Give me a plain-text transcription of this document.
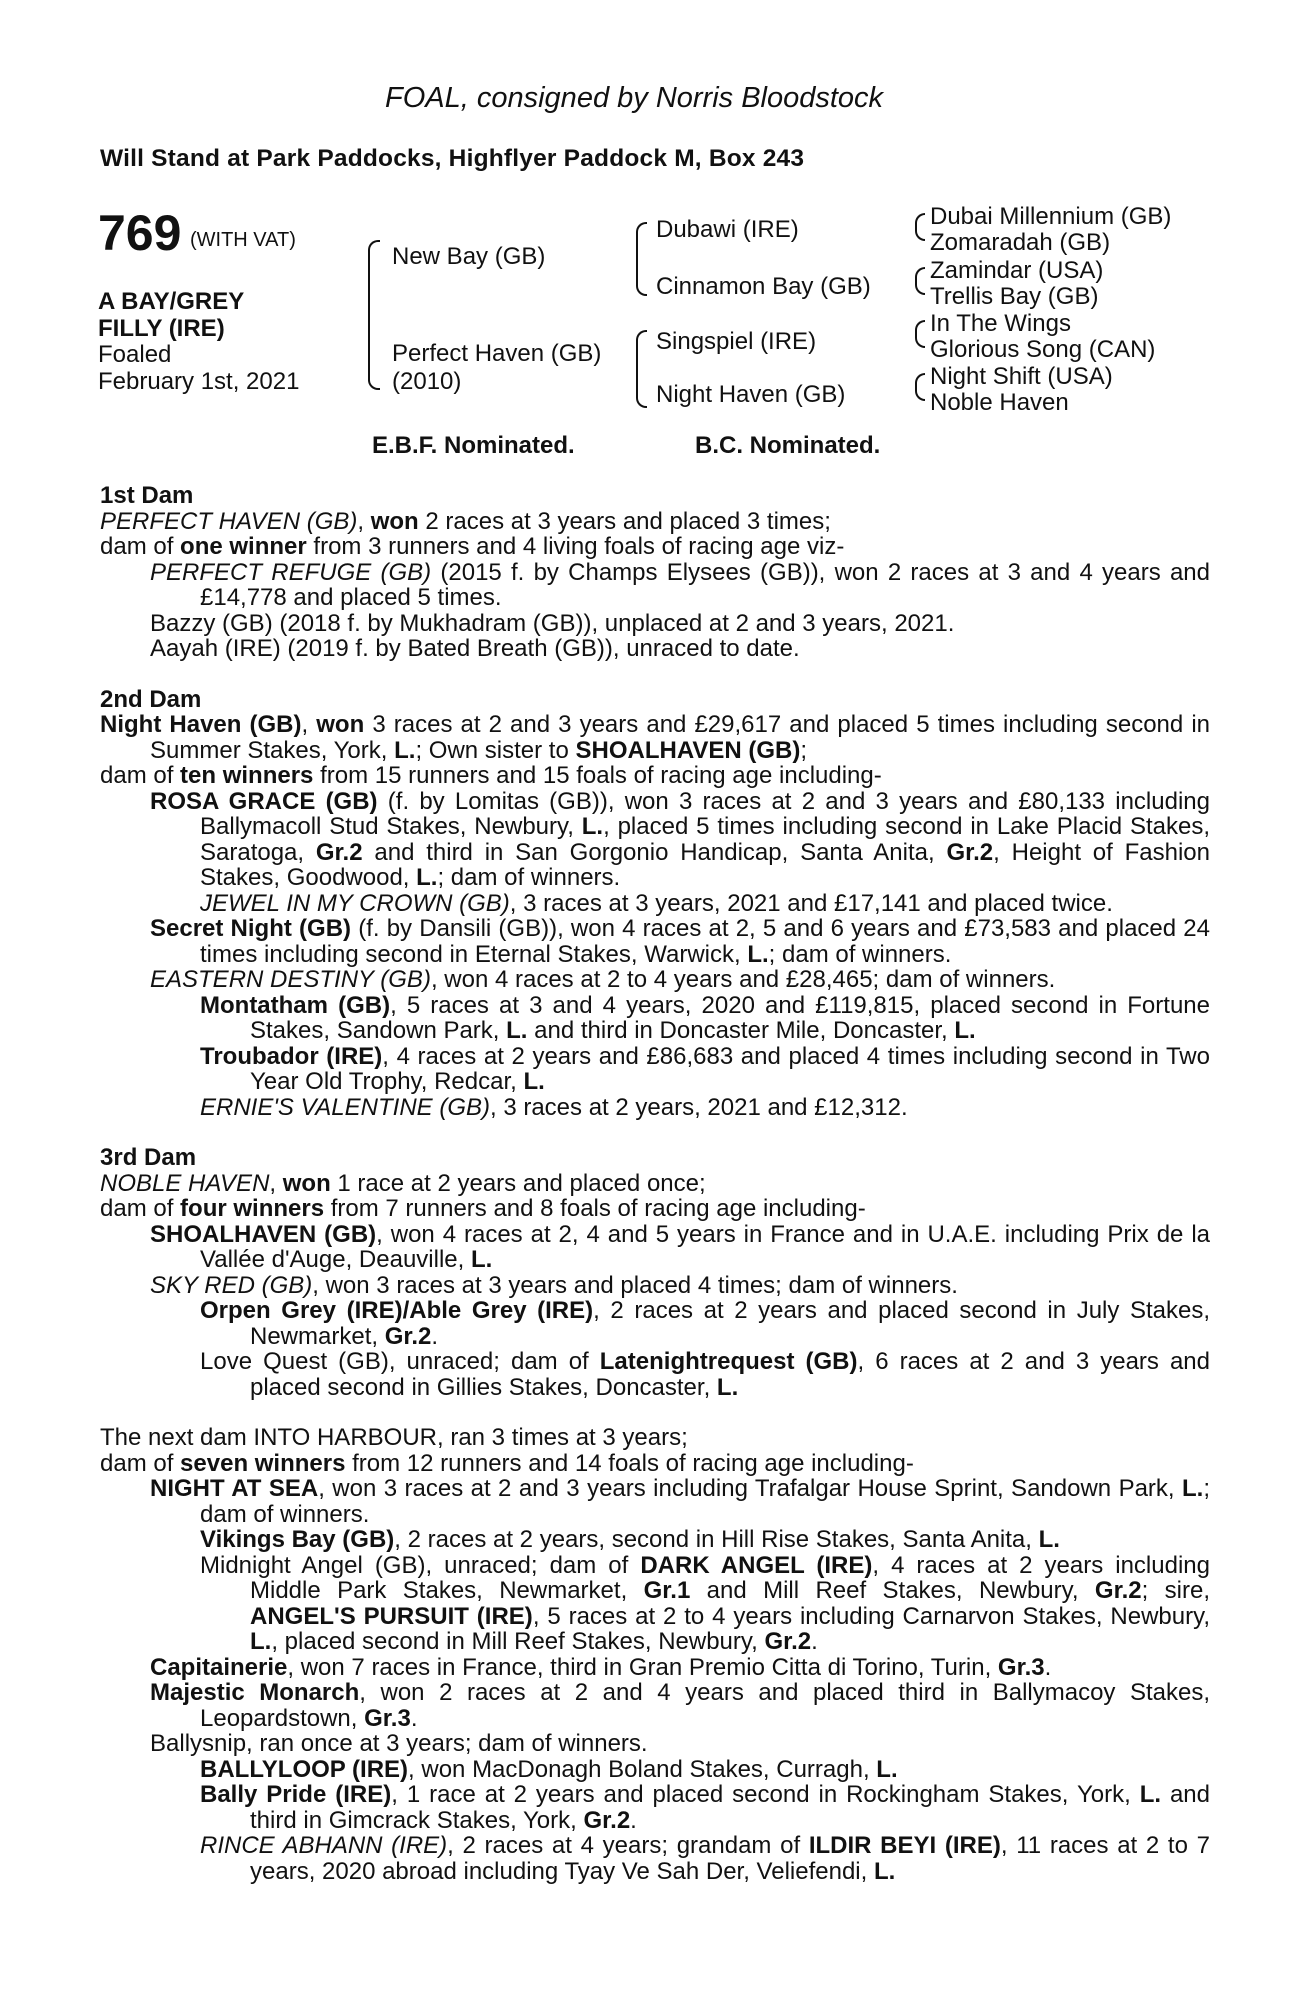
FOAL, consigned by Norris Bloodstock
Will Stand at Park Paddocks, Highflyer Paddock M, Box 243
769 (WITH VAT)
A BAY/GREY
FILLY (IRE)
Foaled
February 1st, 2021
New Bay (GB)
Perfect Haven (GB)
(2010)
Dubawi (IRE)
Cinnamon Bay (GB)
Singspiel (IRE)
Night Haven (GB)
Dubai Millennium (GB)
Zomaradah (GB)
Zamindar (USA)
Trellis Bay (GB)
In The Wings
Glorious Song (CAN)
Night Shift (USA)
Noble Haven
E.B.F. Nominated.	B.C. Nominated.

1st Dam

PERFECT HAVEN (GB), won 2 races at 3 years and placed 3 times;

dam of one winner from 3 runners and 4 living foals of racing age viz-

PERFECT REFUGE (GB) (2015 f. by Champs Elysees (GB)), won 2 races at 3 and 4 years and £14,778 and placed 5 times.

Bazzy (GB) (2018 f. by Mukhadram (GB)), unplaced at 2 and 3 years, 2021.

Aayah (IRE) (2019 f. by Bated Breath (GB)), unraced to date.

2nd Dam

Night Haven (GB), won 3 races at 2 and 3 years and £29,617 and placed 5 times including second in Summer Stakes, York, L.; Own sister to SHOALHAVEN (GB);

dam of ten winners from 15 runners and 15 foals of racing age including-

ROSA GRACE (GB) (f. by Lomitas (GB)), won 3 races at 2 and 3 years and £80,133 including Ballymacoll Stud Stakes, Newbury, L., placed 5 times including second in Lake Placid Stakes, Saratoga, Gr.2 and third in San Gorgonio Handicap, Santa Anita, Gr.2, Height of Fashion Stakes, Goodwood, L.; dam of winners.

JEWEL IN MY CROWN (GB), 3 races at 3 years, 2021 and £17,141 and placed twice.

Secret Night (GB) (f. by Dansili (GB)), won 4 races at 2, 5 and 6 years and £73,583 and placed 24 times including second in Eternal Stakes, Warwick, L.; dam of winners.

EASTERN DESTINY (GB), won 4 races at 2 to 4 years and £28,465; dam of winners.

Montatham (GB), 5 races at 3 and 4 years, 2020 and £119,815, placed second in Fortune Stakes, Sandown Park, L. and third in Doncaster Mile, Doncaster, L.

Troubador (IRE), 4 races at 2 years and £86,683 and placed 4 times including second in Two Year Old Trophy, Redcar, L.

ERNIE'S VALENTINE (GB), 3 races at 2 years, 2021 and £12,312.

3rd Dam

NOBLE HAVEN, won 1 race at 2 years and placed once;

dam of four winners from 7 runners and 8 foals of racing age including-

SHOALHAVEN (GB), won 4 races at 2, 4 and 5 years in France and in U.A.E. including Prix de la Vallée d'Auge, Deauville, L.

SKY RED (GB), won 3 races at 3 years and placed 4 times; dam of winners.

Orpen Grey (IRE)/Able Grey (IRE), 2 races at 2 years and placed second in July Stakes, Newmarket, Gr.2.

Love Quest (GB), unraced; dam of Latenightrequest (GB), 6 races at 2 and 3 years and placed second in Gillies Stakes, Doncaster, L.

The next dam INTO HARBOUR, ran 3 times at 3 years;

dam of seven winners from 12 runners and 14 foals of racing age including-

NIGHT AT SEA, won 3 races at 2 and 3 years including Trafalgar House Sprint, Sandown Park, L.; dam of winners.

Vikings Bay (GB), 2 races at 2 years, second in Hill Rise Stakes, Santa Anita, L.

Midnight Angel (GB), unraced; dam of DARK ANGEL (IRE), 4 races at 2 years including Middle Park Stakes, Newmarket, Gr.1 and Mill Reef Stakes, Newbury, Gr.2; sire, ANGEL'S PURSUIT (IRE), 5 races at 2 to 4 years including Carnarvon Stakes, Newbury, L., placed second in Mill Reef Stakes, Newbury, Gr.2.

Capitainerie, won 7 races in France, third in Gran Premio Citta di Torino, Turin, Gr.3.

Majestic Monarch, won 2 races at 2 and 4 years and placed third in Ballymacoy Stakes, Leopardstown, Gr.3.

Ballysnip, ran once at 3 years; dam of winners.

BALLYLOOP (IRE), won MacDonagh Boland Stakes, Curragh, L.

Bally Pride (IRE), 1 race at 2 years and placed second in Rockingham Stakes, York, L. and third in Gimcrack Stakes, York, Gr.2.

RINCE ABHANN (IRE), 2 races at 4 years; grandam of ILDIR BEYI (IRE), 11 races at 2 to 7 years, 2020 abroad including Tyay Ve Sah Der, Veliefendi, L.
